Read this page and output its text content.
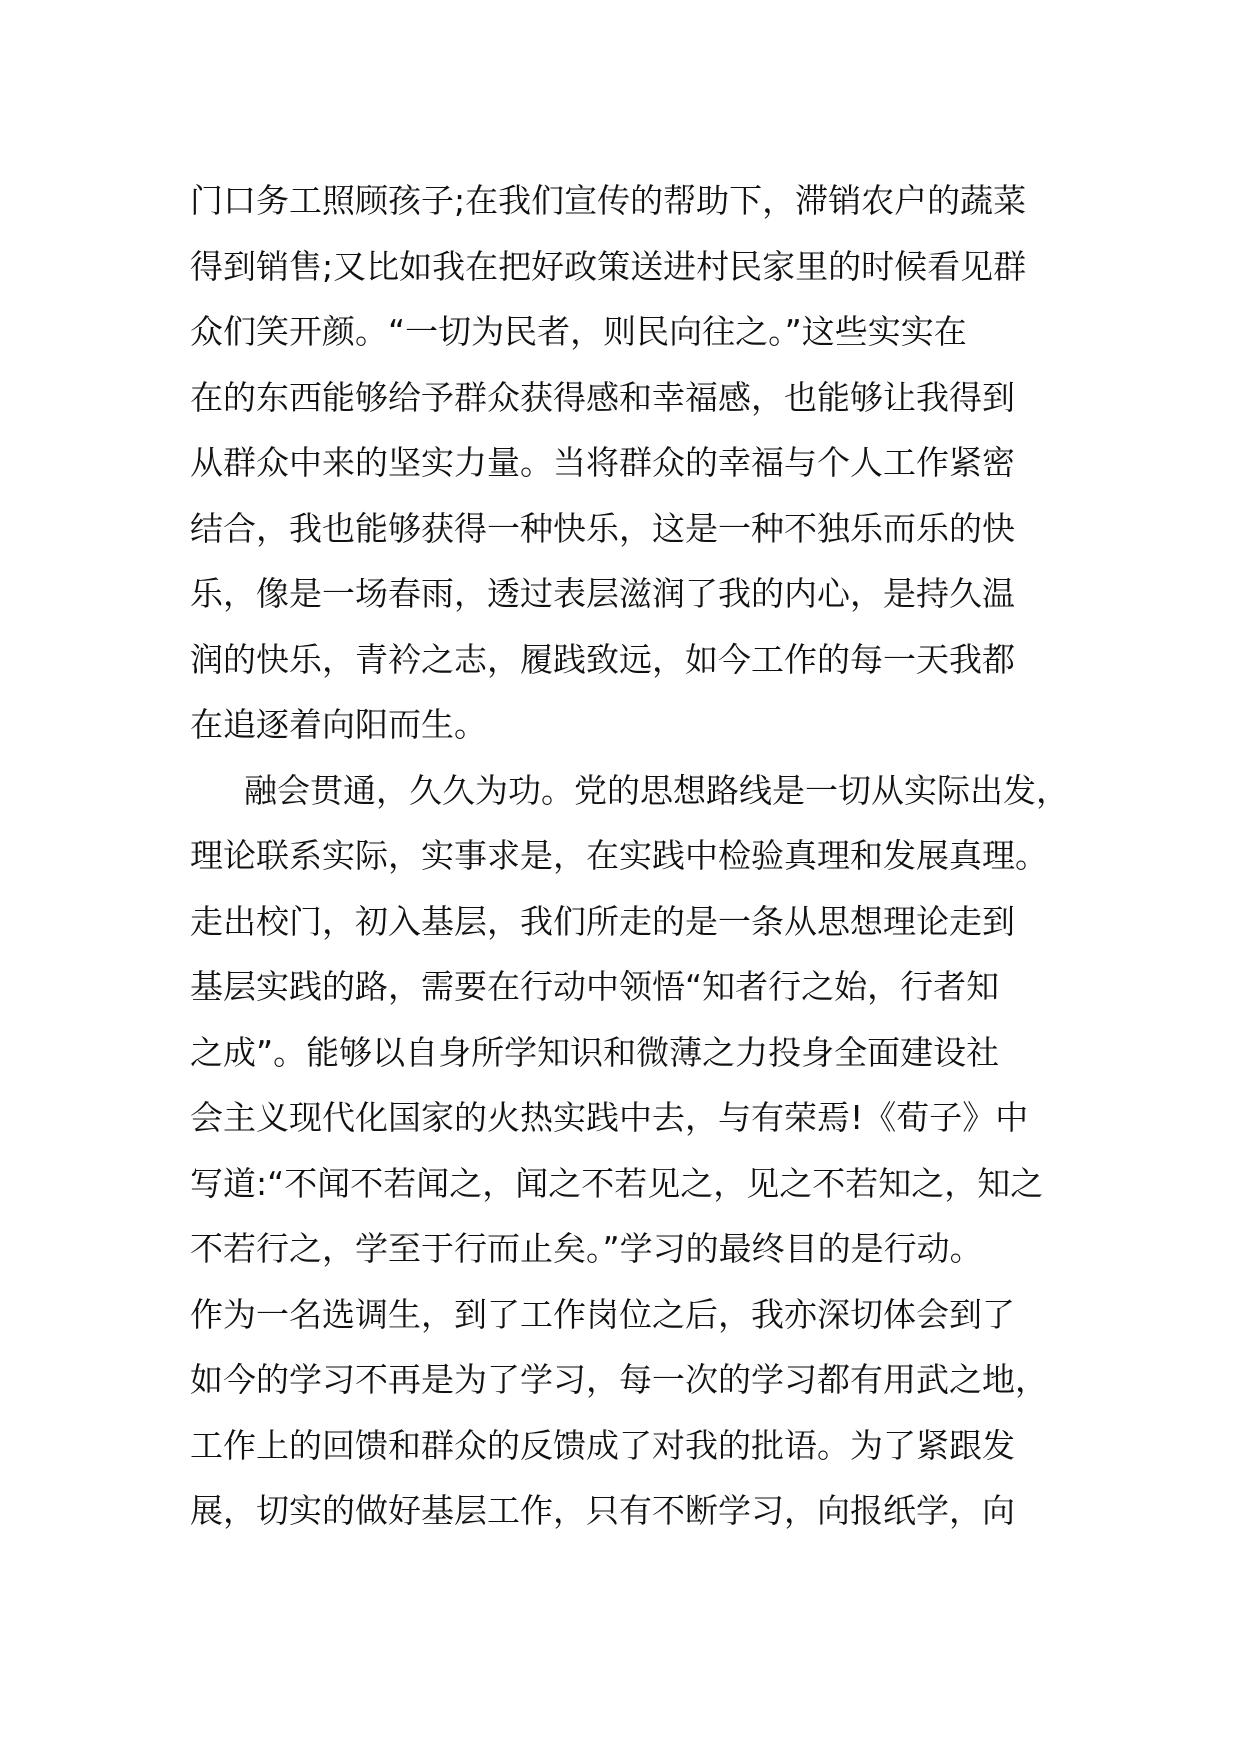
门口务工照顾孩子;在我们宣传的帮助下，滞销农户的蔬菜
得到销售;又比如我在把好政策送进村民家里的时候看见群
众们笑开颜。“一切为民者，则民向往之。”这些实实在
在的东西能够给予群众获得感和幸福感，也能够让我得到
从群众中来的坚实力量。当将群众的幸福与个人工作紧密
结合，我也能够获得一种快乐，这是一种不独乐而乐的快
乐，像是一场春雨，透过表层滋润了我的内心，是持久温
润的快乐，青衿之志，履践致远，如今工作的每一天我都
在追逐着向阳而生。
融会贯通，久久为功。党的思想路线是一切从实际出发，
理论联系实际，实事求是，在实践中检验真理和发展真理。
走出校门，初入基层，我们所走的是一条从思想理论走到
基层实践的路，需要在行动中领悟“知者行之始，行者知
之成”。能够以自身所学知识和微薄之力投身全面建设社
会主义现代化国家的火热实践中去，与有荣焉!《荀子》中
写道:“不闻不若闻之，闻之不若见之，见之不若知之，知之
不若行之，学至于行而止矣。”学习的最终目的是行动。
作为一名选调生，到了工作岗位之后，我亦深切体会到了
如今的学习不再是为了学习，每一次的学习都有用武之地，
工作上的回馈和群众的反馈成了对我的批语。为了紧跟发
展，切实的做好基层工作，只有不断学习，向报纸学，向
